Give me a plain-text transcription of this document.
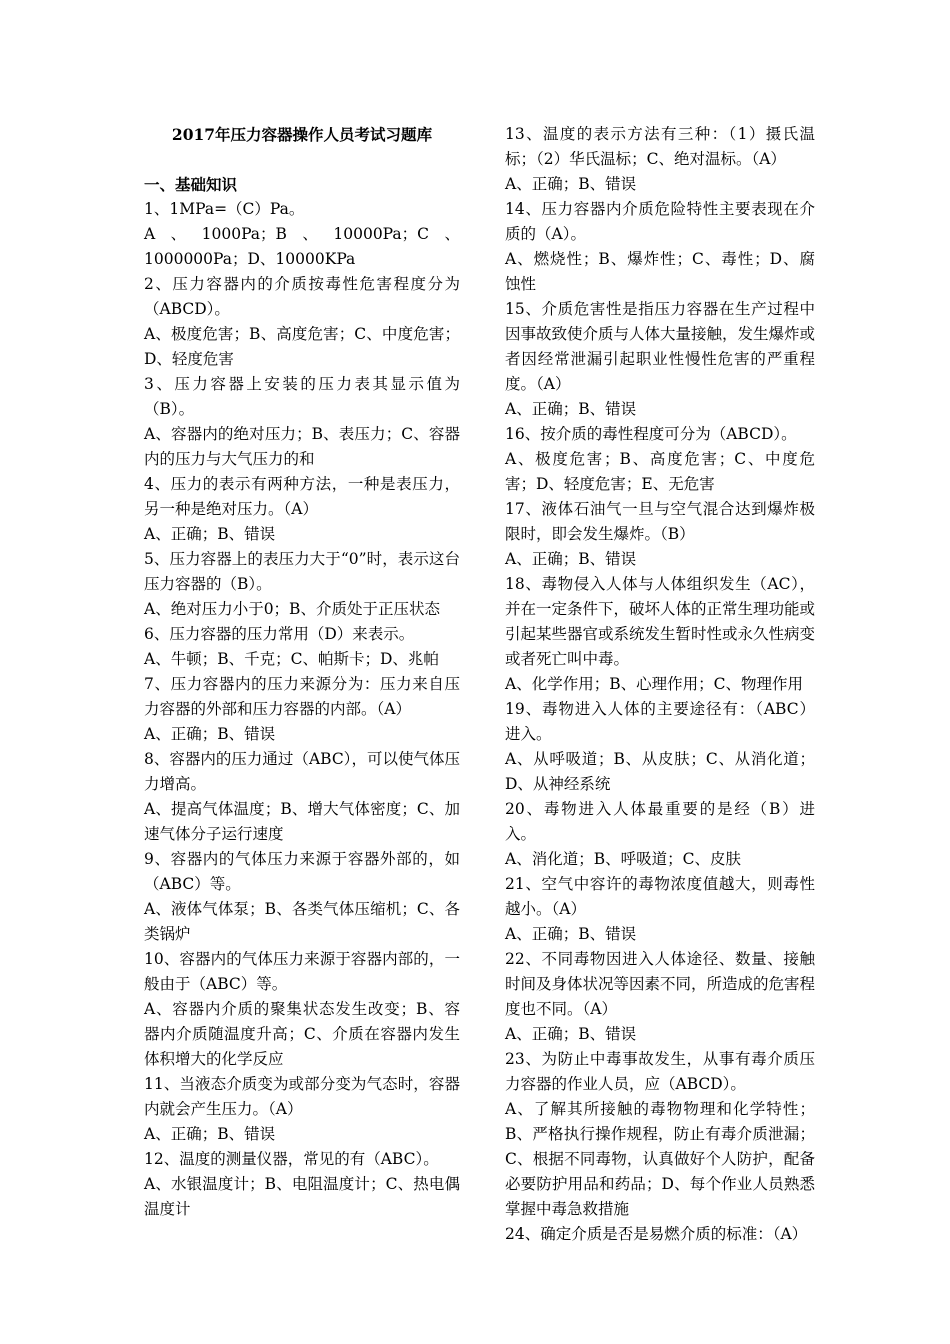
2017年压力容器操作人员考试习题库
一、基础知识
1、1MPa=（C）Pa。
A、1000Pa；B、10000Pa；C、1000000Pa；D、10000KPa
2、压力容器内的介质按毒性危害程度分为（ABCD）。
A、极度危害；B、高度危害；C、中度危害；D、轻度危害
3、压力容器上安装的压力表其显示值为（B）。
A、容器内的绝对压力；B、表压力；C、容器内的压力与大气压力的和
4、压力的表示有两种方法，一种是表压力，另一种是绝对压力。（A）
A、正确；B、错误
5、压力容器上的表压力大于“0”时，表示这台压力容器的（B）。
A、绝对压力小于0；B、介质处于正压状态
6、压力容器的压力常用（D）来表示。
A、牛顿；B、千克；C、帕斯卡；D、兆帕
7、压力容器内的压力来源分为：压力来自压力容器的外部和压力容器的内部。（A）
A、正确；B、错误
8、容器内的压力通过（ABC），可以使气体压力增高。
A、提高气体温度；B、增大气体密度；C、加速气体分子运行速度
9、容器内的气体压力来源于容器外部的，如（ABC）等。
A、液体气体泵；B、各类气体压缩机；C、各类锅炉
10、容器内的气体压力来源于容器内部的，一般由于（ABC）等。
A、容器内介质的聚集状态发生改变；B、容器内介质随温度升高；C、介质在容器内发生体积增大的化学反应
11、当液态介质变为或部分变为气态时，容器内就会产生压力。（A）
A、正确；B、错误
12、温度的测量仪器，常见的有（ABC）。
A、水银温度计；B、电阻温度计；C、热电偶温度计
13、温度的表示方法有三种：（1）摄氏温标；（2）华氏温标；C、绝对温标。（A）
A、正确；B、错误
14、压力容器内介质危险特性主要表现在介质的（A）。
A、燃烧性；B、爆炸性；C、毒性；D、腐蚀性
15、介质危害性是指压力容器在生产过程中因事故致使介质与人体大量接触，发生爆炸或者因经常泄漏引起职业性慢性危害的严重程度。（A）
A、正确；B、错误
16、按介质的毒性程度可分为（ABCD）。
A、极度危害；B、高度危害；C、中度危害；D、轻度危害；E、无危害
17、液体石油气一旦与空气混合达到爆炸极限时，即会发生爆炸。（B）
A、正确；B、错误
18、毒物侵入人体与人体组织发生（AC），并在一定条件下，破坏人体的正常生理功能或引起某些器官或系统发生暂时性或永久性病变或者死亡叫中毒。
A、化学作用；B、心理作用；C、物理作用
19、毒物进入人体的主要途径有：（ABC）进入。
A、从呼吸道；B、从皮肤；C、从消化道；D、从神经系统
20、毒物进入人体最重要的是经（B）进入。
A、消化道；B、呼吸道；C、皮肤
21、空气中容许的毒物浓度值越大，则毒性越小。（A）
A、正确；B、错误
22、不同毒物因进入人体途径、数量、接触时间及身体状况等因素不同，所造成的危害程度也不同。（A）
A、正确；B、错误
23、为防止中毒事故发生，从事有毒介质压力容器的作业人员，应（ABCD）。
A、了解其所接触的毒物物理和化学特性；B、严格执行操作规程，防止有毒介质泄漏；C、根据不同毒物，认真做好个人防护，配备必要防护用品和药品；D、每个作业人员熟悉掌握中毒急救措施
24、确定介质是否是易燃介质的标准：（A）
